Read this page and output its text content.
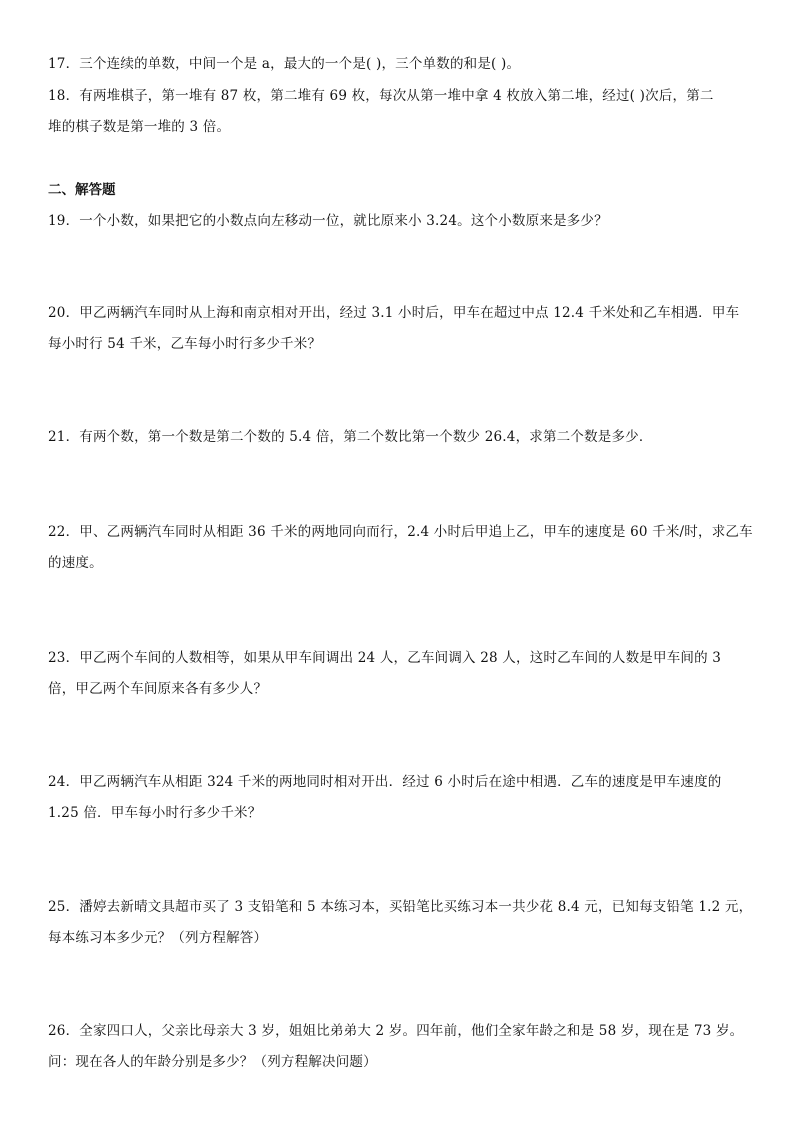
17．三个连续的单数，中间一个是 a，最大的一个是( )，三个单数的和是( )。
18．有两堆棋子，第一堆有 87 枚，第二堆有 69 枚，每次从第一堆中拿 4 枚放入第二堆，经过( )次后，第二
堆的棋子数是第一堆的 3 倍。
二、解答题
19．一个小数，如果把它的小数点向左移动一位，就比原来小 3.24。这个小数原来是多少？
20．甲乙两辆汽车同时从上海和南京相对开出，经过 3.1 小时后，甲车在超过中点 12.4 千米处和乙车相遇．甲车
每小时行 54 千米，乙车每小时行多少千米？
21．有两个数，第一个数是第二个数的 5.4 倍，第二个数比第一个数少 26.4，求第二个数是多少．
22．甲、乙两辆汽车同时从相距 36 千米的两地同向而行，2.4 小时后甲追上乙，甲车的速度是 60 千米/时，求乙车
的速度。
23．甲乙两个车间的人数相等，如果从甲车间调出 24 人，乙车间调入 28 人，这时乙车间的人数是甲车间的 3
倍，甲乙两个车间原来各有多少人？
24．甲乙两辆汽车从相距 324 千米的两地同时相对开出．经过 6 小时后在途中相遇．乙车的速度是甲车速度的
1.25 倍．甲车每小时行多少千米？
25．潘婷去新晴文具超市买了 3 支铅笔和 5 本练习本，买铅笔比买练习本一共少花 8.4 元，已知每支铅笔 1.2 元，
每本练习本多少元？（列方程解答）
26．全家四口人，父亲比母亲大 3 岁，姐姐比弟弟大 2 岁。四年前，他们全家年龄之和是 58 岁，现在是 73 岁。
问：现在各人的年龄分别是多少？（列方程解决问题）
